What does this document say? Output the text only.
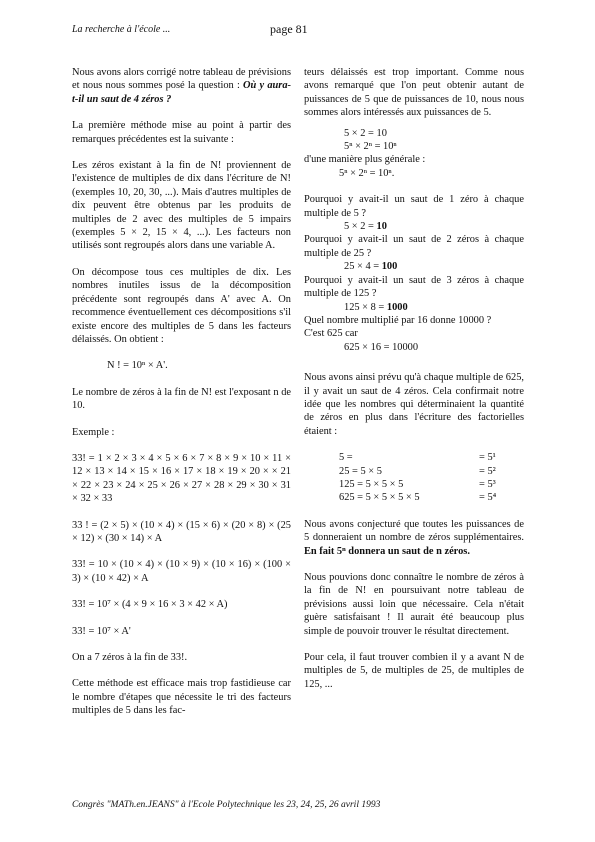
La recherche à l'école ...	page 81

Nous avons alors corrigé notre tableau de prévisions et nous nous sommes posé la question : Où y aura-t-il un saut de 4 zéros ?

La première méthode mise au point à partir des remarques précédentes est la suivante :

Les zéros existant à la fin de N! proviennent de l'existence de multiples de dix dans l'écriture de N! (exemples 10, 20, 30, ...). Mais d'autres multiples de dix peuvent être obtenus par les produits de multiples de 2 avec des multiples de 5 impairs (exemples 5 × 2, 15 × 4, ...). Les facteurs non utilisés sont regroupés alors dans une variable A.

On décompose tous ces multiples de dix. Les nombres inutiles issus de la décomposition précédente sont regroupés dans A' avec A. On recommence éventuellement ces décompositions s'il existe encore des multiples de 5 dans les facteurs délaissés. On obtient :

N ! = 10ⁿ × A'.

Le nombre de zéros à la fin de N! est l'exposant n de 10.

Exemple :

33! = 1 × 2 × 3 × 4 × 5 × 6 × 7 × 8 × 9 × 10 × 11 × 12 × 13 × 14 × 15 × 16 × 17 × 18 × 19 × 20 × × 21 × 22 × 23 × 24 × 25 × 26 × 27 × 28 × 29 × 30 × 31 × 32 × 33

33 ! = (2 × 5) × (10 × 4) × (15 × 6) × (20 × 8) × (25 × 12) × (30 × 14) × A

33! = 10 × (10 × 4) × (10 × 9) × (10 × 16) × (100 × 3) × (10 × 42) × A

33! = 10⁷ × (4 × 9 × 16 × 3 × 42 × A)

33! = 10⁷ × A'

On a 7 zéros à la fin de 33!.

Cette méthode est efficace mais trop fastidieuse car le nombre d'étapes que nécessite le tri des facteurs multiples de 5 dans les fac-

teurs délaissés est trop important. Comme nous avons remarqué que l'on peut obtenir autant de puissances de 5 que de puissances de 10, nous nous sommes alors intéressés aux puissances de 5.

5 × 2 = 10

5ⁿ × 2ⁿ = 10ⁿ

d'une manière plus générale :

5ⁿ × 2ⁿ = 10ⁿ.

Pourquoi y avait-il un saut de 1 zéro à chaque multiple de 5 ?

5 × 2 = 10

Pourquoi y avait-il un saut de 2 zéros à chaque multiple de 25 ?

25 × 4 = 100

Pourquoi y avait-il un saut de 3 zéros à chaque multiple de 125 ?

125 × 8 = 1000

Quel nombre multiplié par 16 donne 10000 ?

C'est 625 car

625 × 16 = 10000

Nous avons ainsi prévu qu'à chaque multiple de 625, il y avait un saut de 4 zéros. Cela confirmait notre idée que les nombres qui déterminaient la quantité de zéros en plus dans l'écriture des factorielles étaient :

5 =	= 5¹
25 = 5 × 5	= 5²
125 = 5 × 5 × 5	= 5³
625 = 5 × 5 × 5 × 5	= 5⁴

Nous avons conjecturé que toutes les puissances de 5 donneraient un nombre de zéros supplémentaires. En fait 5ⁿ donnera un saut de n zéros.

Nous pouvions donc connaître le nombre de zéros à la fin de N! en poursuivant notre tableau de prévisions aussi loin que nécessaire. Cela n'était guère satisfaisant ! Il aurait été beaucoup plus simple de pouvoir trouver le résultat directement.

Pour cela, il faut trouver combien il y a avant N de multiples de 5, de multiples de 25, de multiples de 125, ...

Congrès "MATh.en.JEANS" à l'Ecole Polytechnique les 23, 24, 25, 26 avril 1993
